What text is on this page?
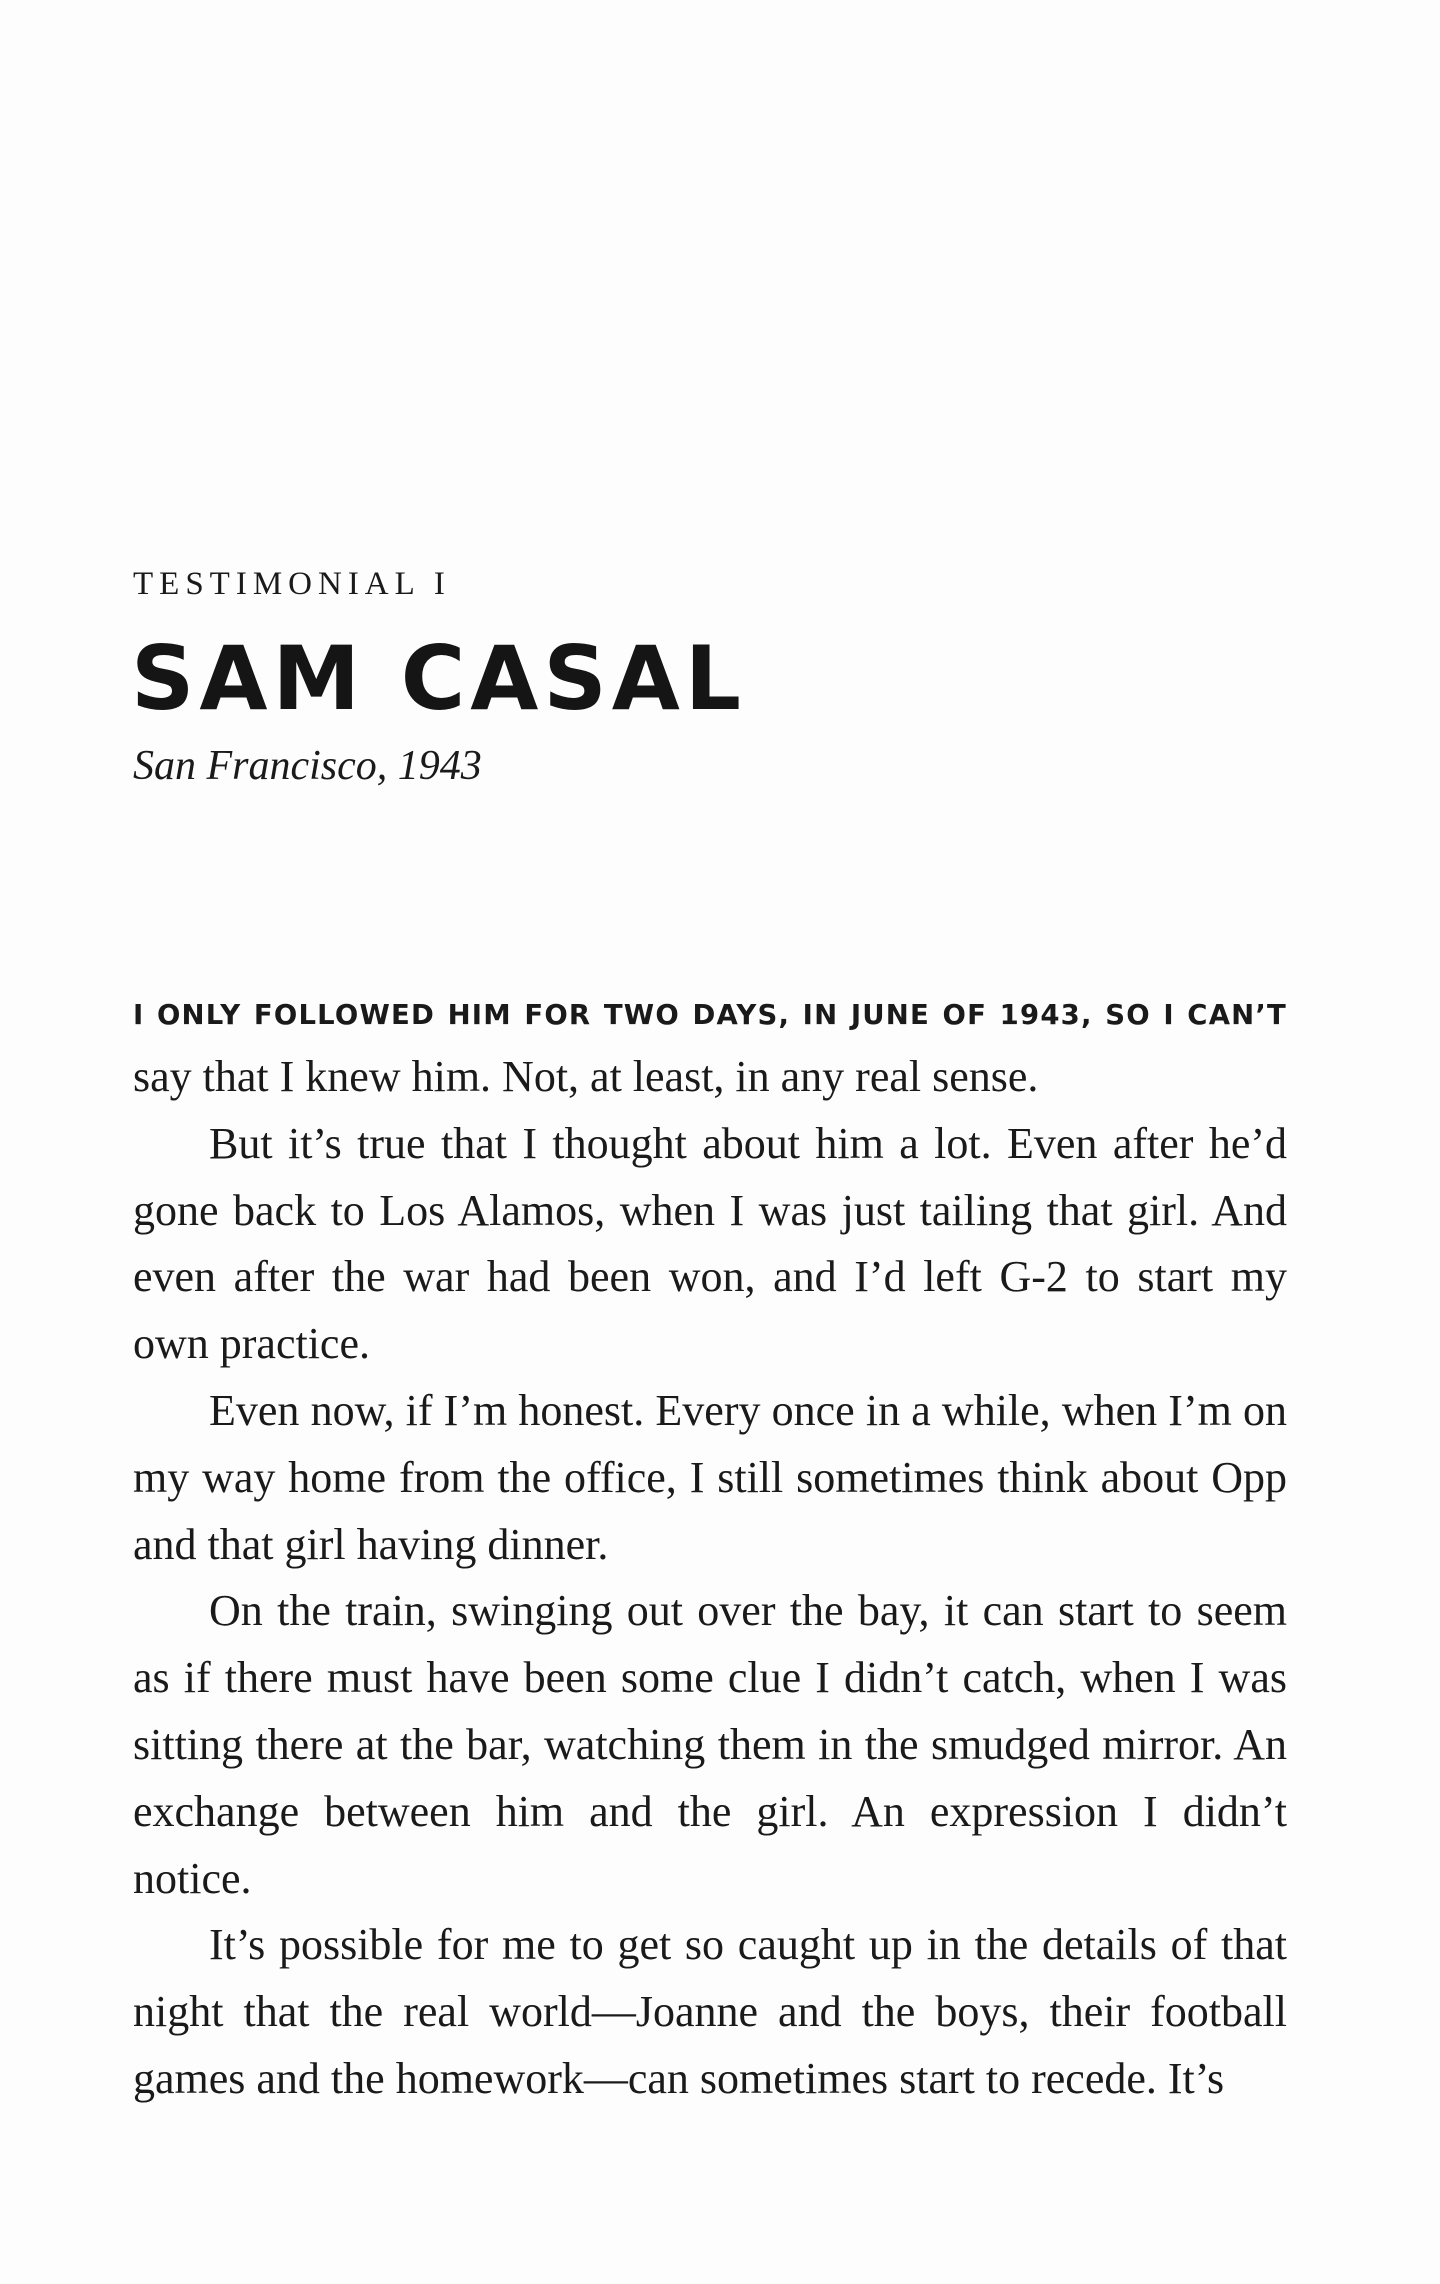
TESTIMONIAL I
SAM CASAL
San Francisco, 1943
I ONLY FOLLOWED HIM FOR TWO DAYS, IN JUNE OF 1943, SO I CAN’T

say that I knew him. Not, at least, in any real sense.

But it’s true that I thought about him a lot. Even after he’d gone back to Los Alamos, when I was just tailing that girl. And even after the war had been won, and I’d left G-2 to start my own practice.

Even now, if I’m honest. Every once in a while, when I’m on my way home from the office, I still sometimes think about Opp and that girl having dinner.

On the train, swinging out over the bay, it can start to seem as if there must have been some clue I didn’t catch, when I was sitting there at the bar, watching them in the smudged mirror. An exchange between him and the girl. An expression I didn’t notice.

It’s possible for me to get so caught up in the details of that night that the real world—Joanne and the boys, their football games and the homework—can sometimes start to recede. It’s
